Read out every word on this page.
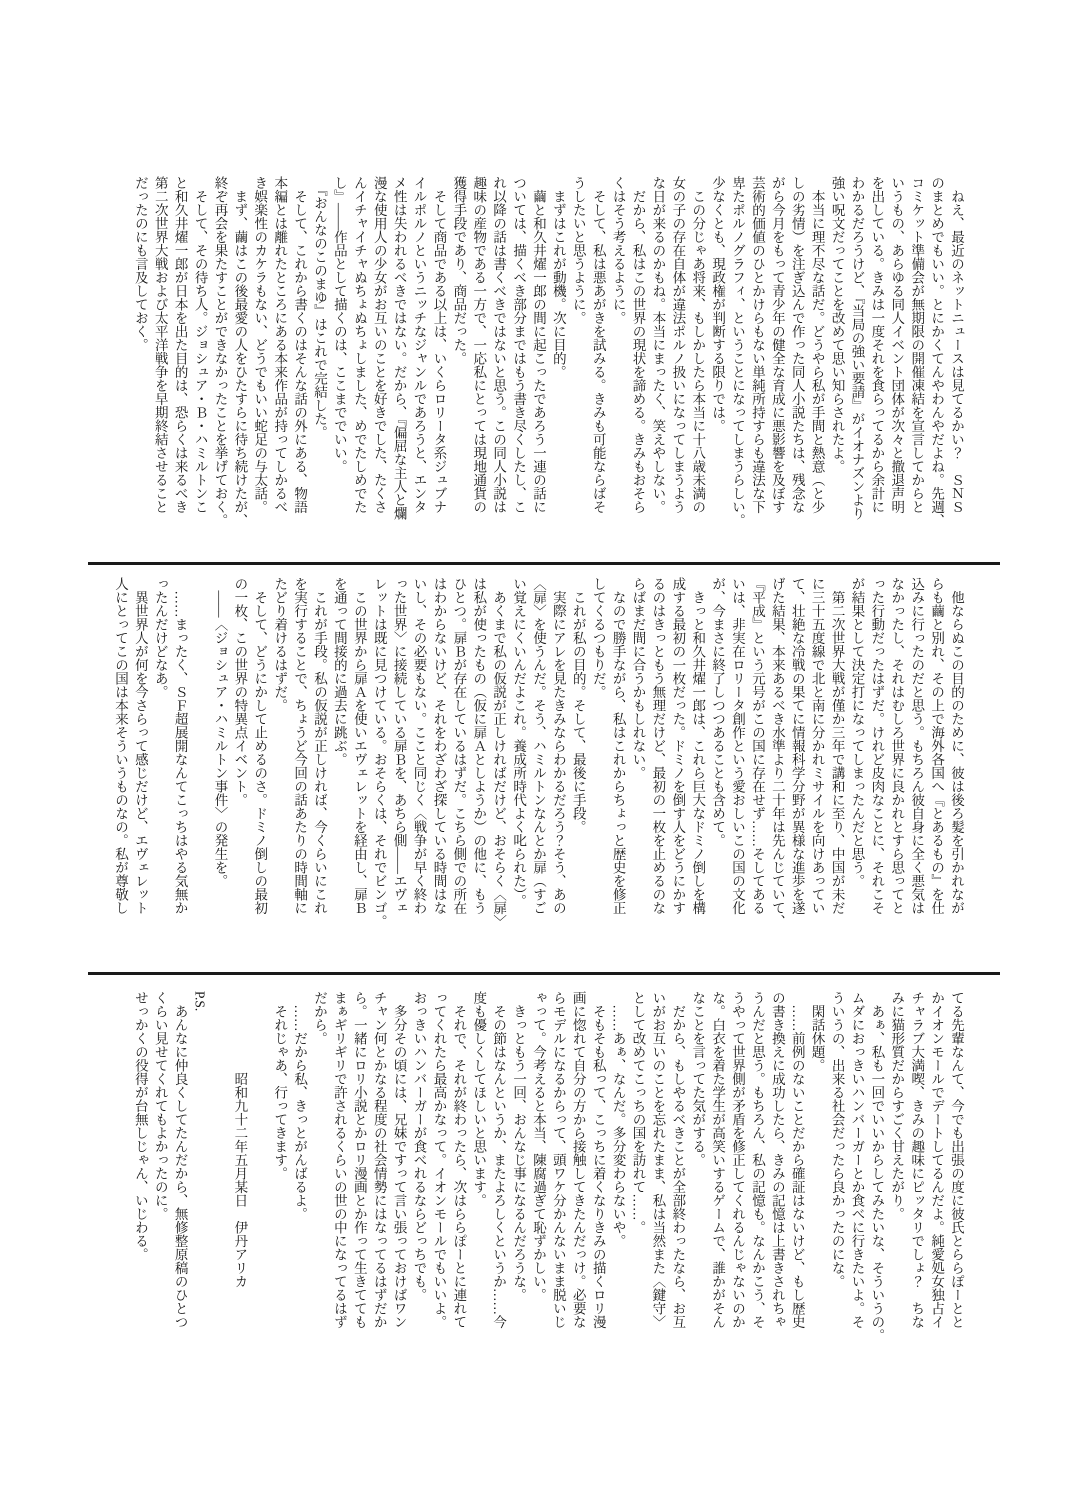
　ねえ、最近のネットニュースは見てるかい？　ＳＮＳ
のまとめでもいい。とにかくてんやわんやだよね。先週、
コミケット準備会が無期限の開催凍結を宣言してからと
いうもの、あらゆる同人イベント団体が次々と撤退声明
を出している。きみは一度それを食らってるから余計に
わかるだろうけど、『当局の強い要請』がイオナズンより
強い呪文だってことを改めて思い知らされたよ。
　本当に理不尽な話だ。どうやら私が手間と熱意（と少
しの劣情）を注ぎ込んで作った同人小説たちは、残念な
がら今月をもって青少年の健全な育成に悪影響を及ぼす
芸術的価値のひとかけらもない単純所持すらも違法な下
卑たポルノグラフィ、ということになってしまうらしい。
少なくとも、現政権が判断する限りでは。
　この分じゃあ将来、もしかしたら本当に十八歳未満の
女の子の存在自体が違法ポルノ扱いになってしまうよう
な日が来るのかもね。本当にまったく、笑えやしない。
　だから、私はこの世界の現状を諦める。きみもおそら
くはそう考えるように。
　そして、私は悪あがきを試みる。きみも可能ならばそ
うしたいと思うように。
　まずはこれが動機。次に目的。
　繭と和久井燿一郎の間に起こったであろう一連の話に
ついては、描くべき部分まではもう書き尽くしたし、こ
れ以降の話は書くべきではないと思う。この同人小説は
趣味の産物である一方で、一応私にとっては現地通貨の
獲得手段であり、商品だった。
　そして商品である以上は、いくらロリータ系ジュブナ
イルポルノというニッチなジャンルであろうと、エンタ
メ性は失われるべきではない。だから、『偏屈な主人と爛
漫な使用人の少女がお互いのことを好きでした、たくさ
んイチャイチャぬちょぬちょしました、めでたしめでた
し』――作品として描くのは、ここまででいい。
　『おんなのこのまゆ』はこれで完結した。
　そして、これから書くのはそんな話の外にある、物語
本編とは離れたところにある本来作品が持ってしかるべ
き娯楽性のカケラもない、どうでもいい蛇足の与太話。
　まず、繭はこの後最愛の人をひたすらに待ち続けたが、
終ぞ再会を果たすことができなかったことを挙げておく。
　そして、その待ち人。ジョシュア・Ｂ・ハミルトンこ
と和久井燿一郎が日本を出た目的は、恐らくは来るべき
第二次世界大戦および太平洋戦争を早期終結させること
だったのにも言及しておく。
　他ならぬこの目的のために、彼は後ろ髪を引かれなが
らも繭と別れ、その上で海外各国へ『とあるもの』を仕
込みに行ったのだと思う。もちろん彼自身に全く悪気は
なかったし、それはむしろ世界に良かれとすら思ってと
った行動だったはずだ。けれど皮肉なことに、それこそ
が結果として決定打になってしまったんだと思う。
　第二次世界大戦が僅か三年で講和に至り、中国が未だ
に三十五度線で北と南に分かれミサイルを向けあってい
て、壮絶な冷戦の果てに情報科学分野が異様な進歩を遂
げた結果、本来あるべき水準より二十年は先んじていて、
『平成』という元号がこの国に存在せず……そしてある
いは、非実在ロリータ創作という愛おしいこの国の文化
が、今まさに終了しつつあることも含めて。
　きっと和久井燿一郎は、これら巨大なドミノ倒しを構
成する最初の一枚だった。ドミノを倒す人をどうにかす
るのはきっともう無理だけど、最初の一枚を止めるのな
らばまだ間に合うかもしれない。
　なので勝手ながら、私はこれからちょっと歴史を修正
してくるつもりだ。
　これが私の目的。そして、最後に手段。
　実際にアレを見たきみならわかるだろう？そう、あの
〈扉〉を使うんだ。そう、ハミルトンなんとか扉（すご
い覚えにくいんだよこれ。養成所時代よく叱られた）。
　あくまで私の仮説が正しければだけど、おそらく〈扉〉
は私が使ったもの（仮に扉Ａとしようか）の他に、もう
ひとつ。扉Ｂが存在しているはずだ。こちら側での所在
はわからないけど、それをわざわざ探している時間はな
いし、その必要もない。ここと同じく〈戦争が早く終わ
った世界〉に接続している扉Ｂを、あちら側――エヴェ
レットは既に見つけている。おそらくは、それでビンゴ。
　この世界から扉Ａを使いエヴェレットを経由し、扉Ｂ
を通って間接的に過去に跳ぶ。
　これが手段。私の仮説が正しければ、今くらいにこれ
を実行することで、ちょうど今回の話あたりの時間軸に
たどり着けるはずだ。
　そして、どうにかして止めるのさ。ドミノ倒しの最初
の一枚、この世界の特異点イベント。
　――〈ジョシュア・ハミルトン事件〉の発生を。

　……まったく、ＳＦ超展開なんてこっちはやる気無か
ったんだけどなあ。
　異世界人が何を今さらって感じだけど、エヴェレット
人にとってこの国は本来そういうものなの。私が尊敬し
てる先輩なんて、今でも出張の度に彼氏とららぽーとと
かイオンモールでデートしてるんだよ。純愛処女独占イ
チャラブ大満喫、きみの趣味にピッタリでしょ？　ちな
みに猫形質だからすごく甘えたがり。
　あぁ、私も一回でいいからしてみたいな、そういうの。
ムダにおっきいハンバーガーとか食べに行きたいよ。そ
ういうの、出来る社会だったら良かったのにな。
　閑話休題。
　……前例のないことだから確証はないけど、もし歴史
の書き換えに成功したら、きみの記憶は上書きされちゃ
うんだと思う。もちろん、私の記憶も。なんかこう、そ
うやって世界側が矛盾を修正してくれるんじゃないのか
な。白衣を着た学生が高笑いするゲームで、誰かがそん
なことを言ってた気がする。
　だから、もしやるべきことが全部終わったなら、お互
いがお互いのことを忘れたまま、私は当然また〈鍵守〉
として改めてこっちの国を訪れて……。
　……あぁ、なんだ。多分変わらないや。
　そもそも私って、こっちに着くなりきみの描くロリ漫
画に惚れて自分の方から接触してきたんだっけ。必要な
らモデルになるからって、頭ワケ分かんないまま脱いじ
ゃって。今考えると本当、陳腐過ぎて恥ずかしい。
　きっともう一回、おんなじ事になるんだろうな。
　その節はなんというか、またよろしくというか……今
度も優しくしてほしいと思います。
　それで、それが終わったら、次はららぽーとに連れて
ってくれたら最高かなって。イオンモールでもいいよ。
おっきいハンバーガーが食べれるならどっちでも。
　多分その頃には、兄妹ですって言い張っておけばワン
チャン何とかなる程度の社会情勢にはなってるはずだか
ら。一緒にロリ小説とかロリ漫画とか作って生きてても
まぁギリギリで許されるくらいの世の中になってるはず
だから。
　……だから私、きっとがんばるよ。
　それじゃあ、行ってきます。

　　　　　　昭和九十二年五月某日　伊丹アリカ

P.S.
　あんなに仲良くしてたんだから、無修整原稿のひとつ
くらい見せてくれてもよかったのに。
せっかくの役得が台無しじゃん、いじわる。
